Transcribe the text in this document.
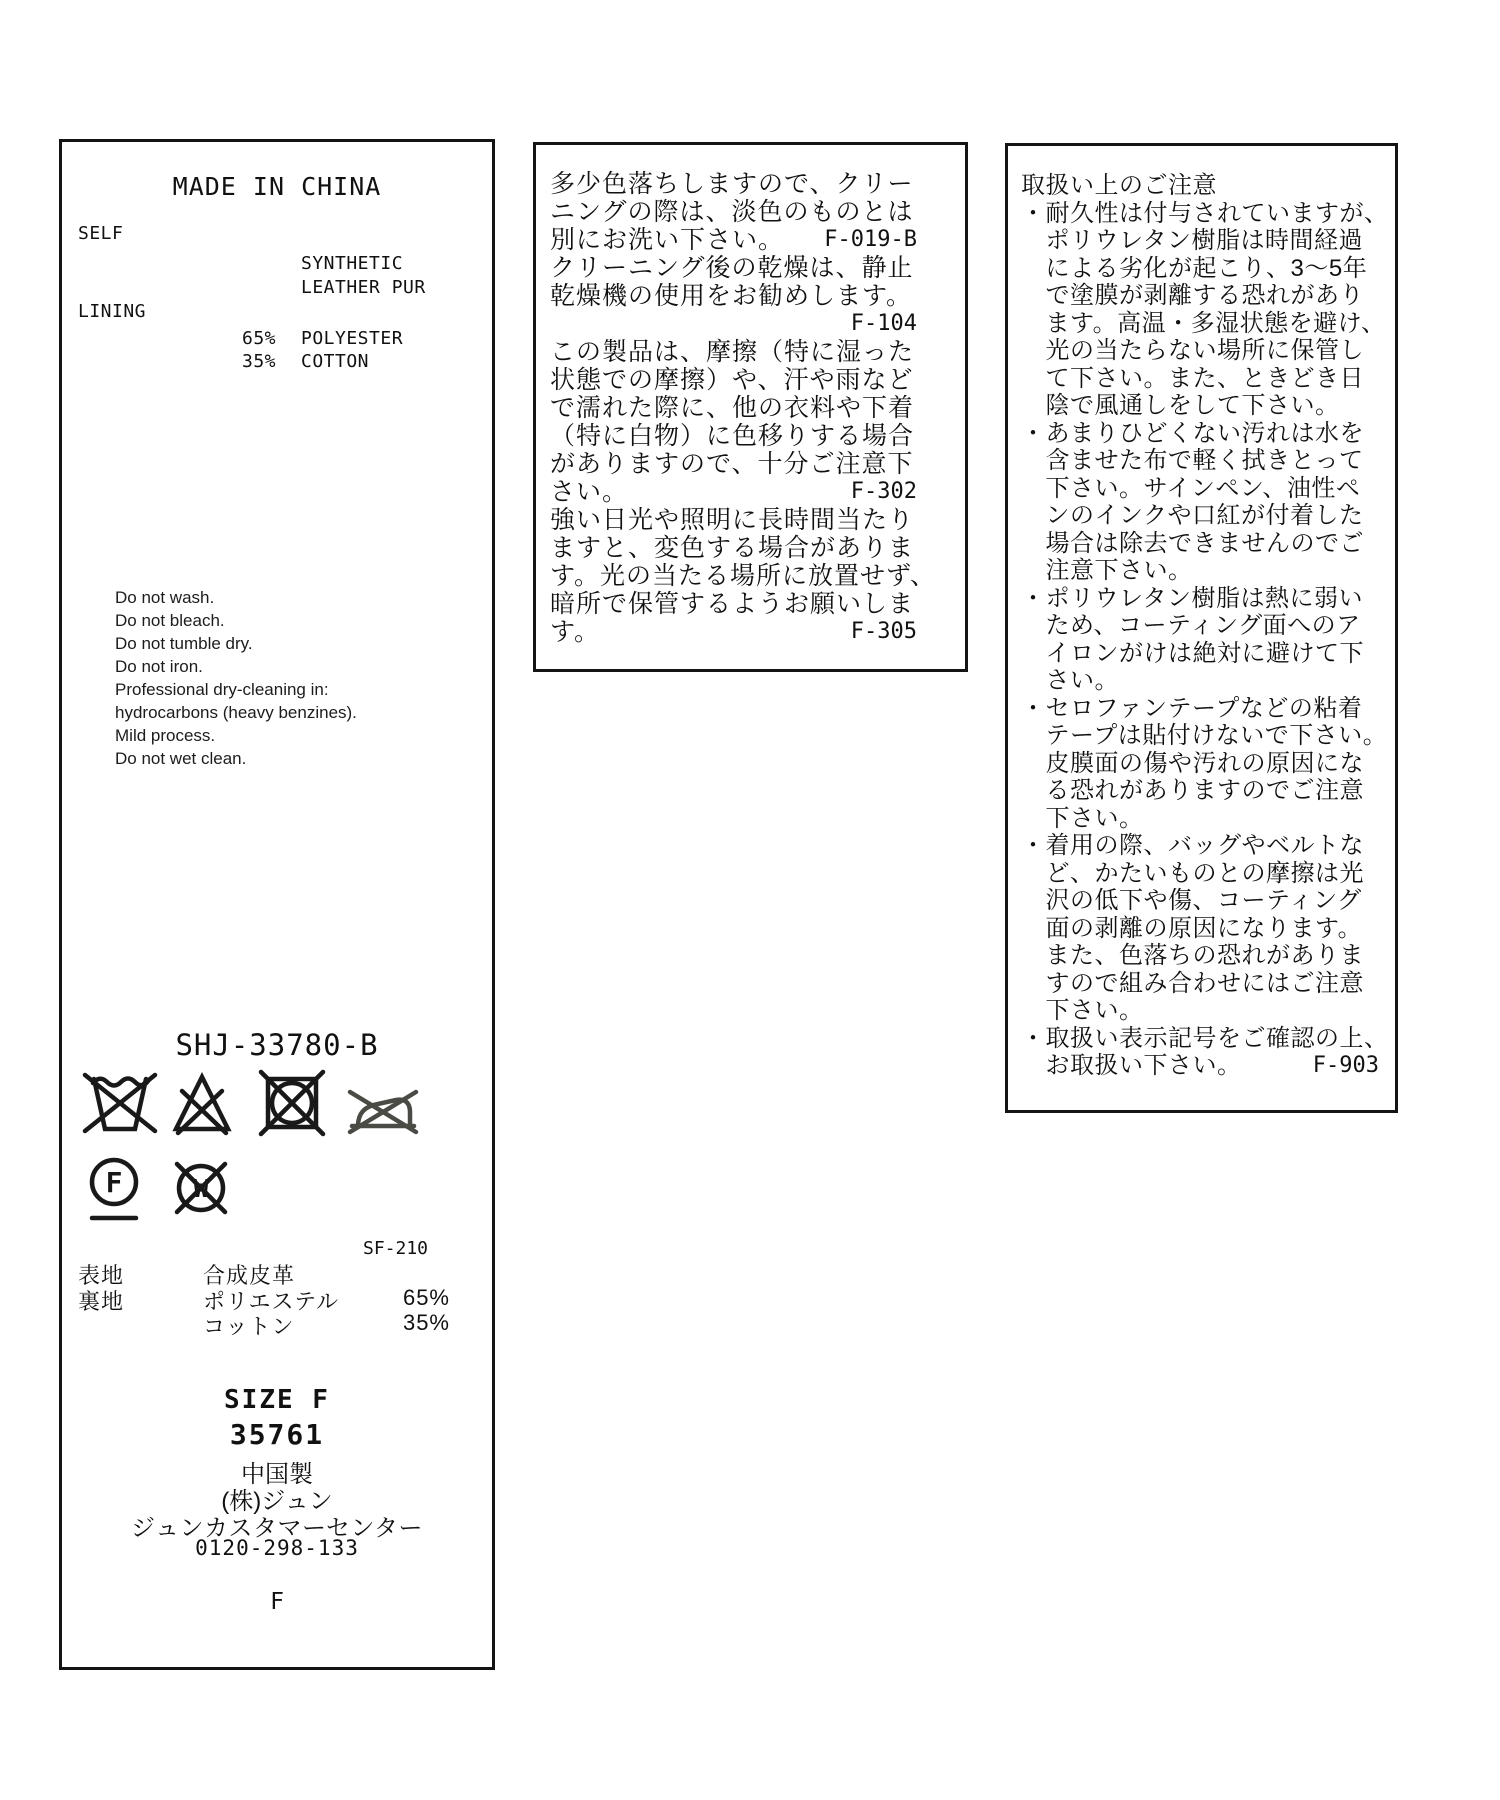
MADE IN CHINA
SELF
SYNTHETIC
LEATHER PUR
LINING
65% POLYESTER
35% COTTON
Do not wash.
Do not bleach.
Do not tumble dry.
Do not iron.
Professional dry-cleaning in:
hydrocarbons (heavy benzines).
Mild process.
Do not wet clean.
SHJ-33780-B
F	W
SF-210
表地	合成皮革
裏地	ポリエステル	65%
コットン	35%
SIZE F
35761
中国製
(株)ジュン
ジュンカスタマーセンター
0120-298-133
F
多少色落ちしますので、クリー
ニングの際は、淡色のものとは
別にお洗い下さい。 F-019-B
クリーニング後の乾燥は、静止
乾燥機の使用をお勧めします。
F-104
この製品は、摩擦（特に湿った
状態での摩擦）や、汗や雨など
で濡れた際に、他の衣料や下着
（特に白物）に色移りする場合
がありますので、十分ご注意下
さい。	F-302
強い日光や照明に長時間当たり
ますと、変色する場合がありま
す。光の当たる場所に放置せず、
暗所で保管するようお願いしま
す。	F-305
取扱い上のご注意
・耐久性は付与されていますが、
　ポリウレタン樹脂は時間経過
　による劣化が起こり、3～5年
　で塗膜が剥離する恐れがあり
　ます。高温・多湿状態を避け、
　光の当たらない場所に保管し
　て下さい。また、ときどき日
　陰で風通しをして下さい。
・あまりひどくない汚れは水を
　含ませた布で軽く拭きとって
　下さい。サインペン、油性ペ
　ンのインクや口紅が付着した
　場合は除去できませんのでご
　注意下さい。
・ポリウレタン樹脂は熱に弱い
　ため、コーティング面へのア
　イロンがけは絶対に避けて下
　さい。
・セロファンテープなどの粘着
　テープは貼付けないで下さい。
　皮膜面の傷や汚れの原因にな
　る恐れがありますのでご注意
　下さい。
・着用の際、バッグやベルトな
　ど、かたいものとの摩擦は光
　沢の低下や傷、コーティング
　面の剥離の原因になります。
　また、色落ちの恐れがありま
　すので組み合わせにはご注意
　下さい。
・取扱い表示記号をご確認の上、
　お取扱い下さい。	F-903
